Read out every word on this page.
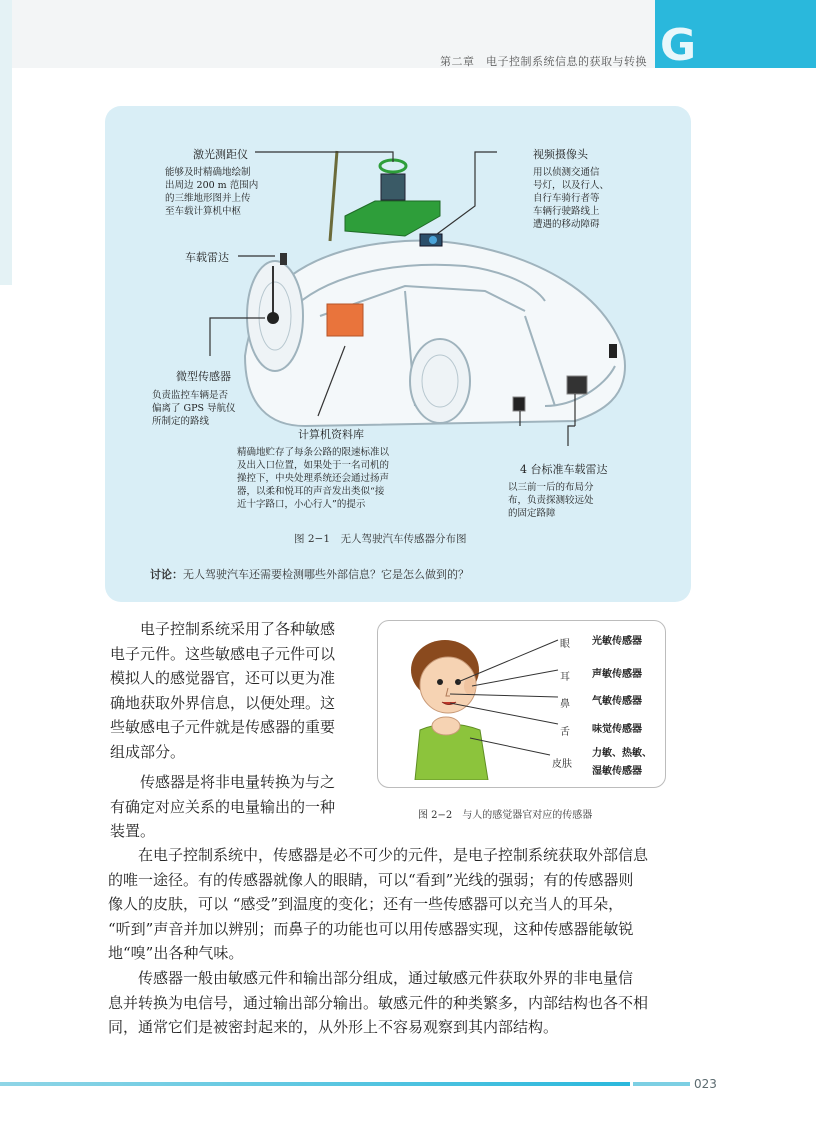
第二章　电子控制系统信息的获取与转换 G
激光测距仪
能够及时精确地绘制
出周边 200 m 范围内
的三维地形图并上传
至车载计算机中枢
视频摄像头
用以侦测交通信
号灯，以及行人、
自行车骑行者等
车辆行驶路线上
遭遇的移动障碍
车载雷达
微型传感器
负责监控车辆是否
偏离了 GPS 导航仪
所制定的路线
计算机资料库
精确地贮存了每条公路的限速标准以
及出入口位置，如果处于一名司机的
操控下，中央处理系统还会通过扬声
器，以柔和悦耳的声音发出类似“接
近十字路口，小心行人”的提示
4 台标准车载雷达
以三前一后的布局分
布，负责探测较远处
的固定路障
图 2−1　无人驾驶汽车传感器分布图
讨论：无人驾驶汽车还需要检测哪些外部信息？它是怎么做到的？
电子控制系统采用了各种敏感
电子元件。这些敏感电子元件可以
模拟人的感觉器官，还可以更为准
确地获取外界信息，以便处理。这
些敏感电子元件就是传感器的重要
组成部分。
传感器是将非电量转换为与之
有确定对应关系的电量输出的一种
装置。
在电子控制系统中，传感器是必不可少的元件，是电子控制系统获取外部信息
的唯一途径。有的传感器就像人的眼睛，可以“看到”光线的强弱；有的传感器则
像人的皮肤，可以 “感受”到温度的变化；还有一些传感器可以充当人的耳朵，
“听到”声音并加以辨别；而鼻子的功能也可以用传感器实现，这种传感器能敏锐
地“嗅”出各种气味。
传感器一般由敏感元件和输出部分组成，通过敏感元件获取外界的非电量信
息并转换为电信号，通过输出部分输出。敏感元件的种类繁多，内部结构也各不相
同，通常它们是被密封起来的，从外形上不容易观察到其内部结构。
眼 光敏传感器
耳 声敏传感器
鼻 气敏传感器
舌 味觉传感器
皮肤
力敏、热敏、
湿敏传感器
图 2−2　与人的感觉器官对应的传感器
023
